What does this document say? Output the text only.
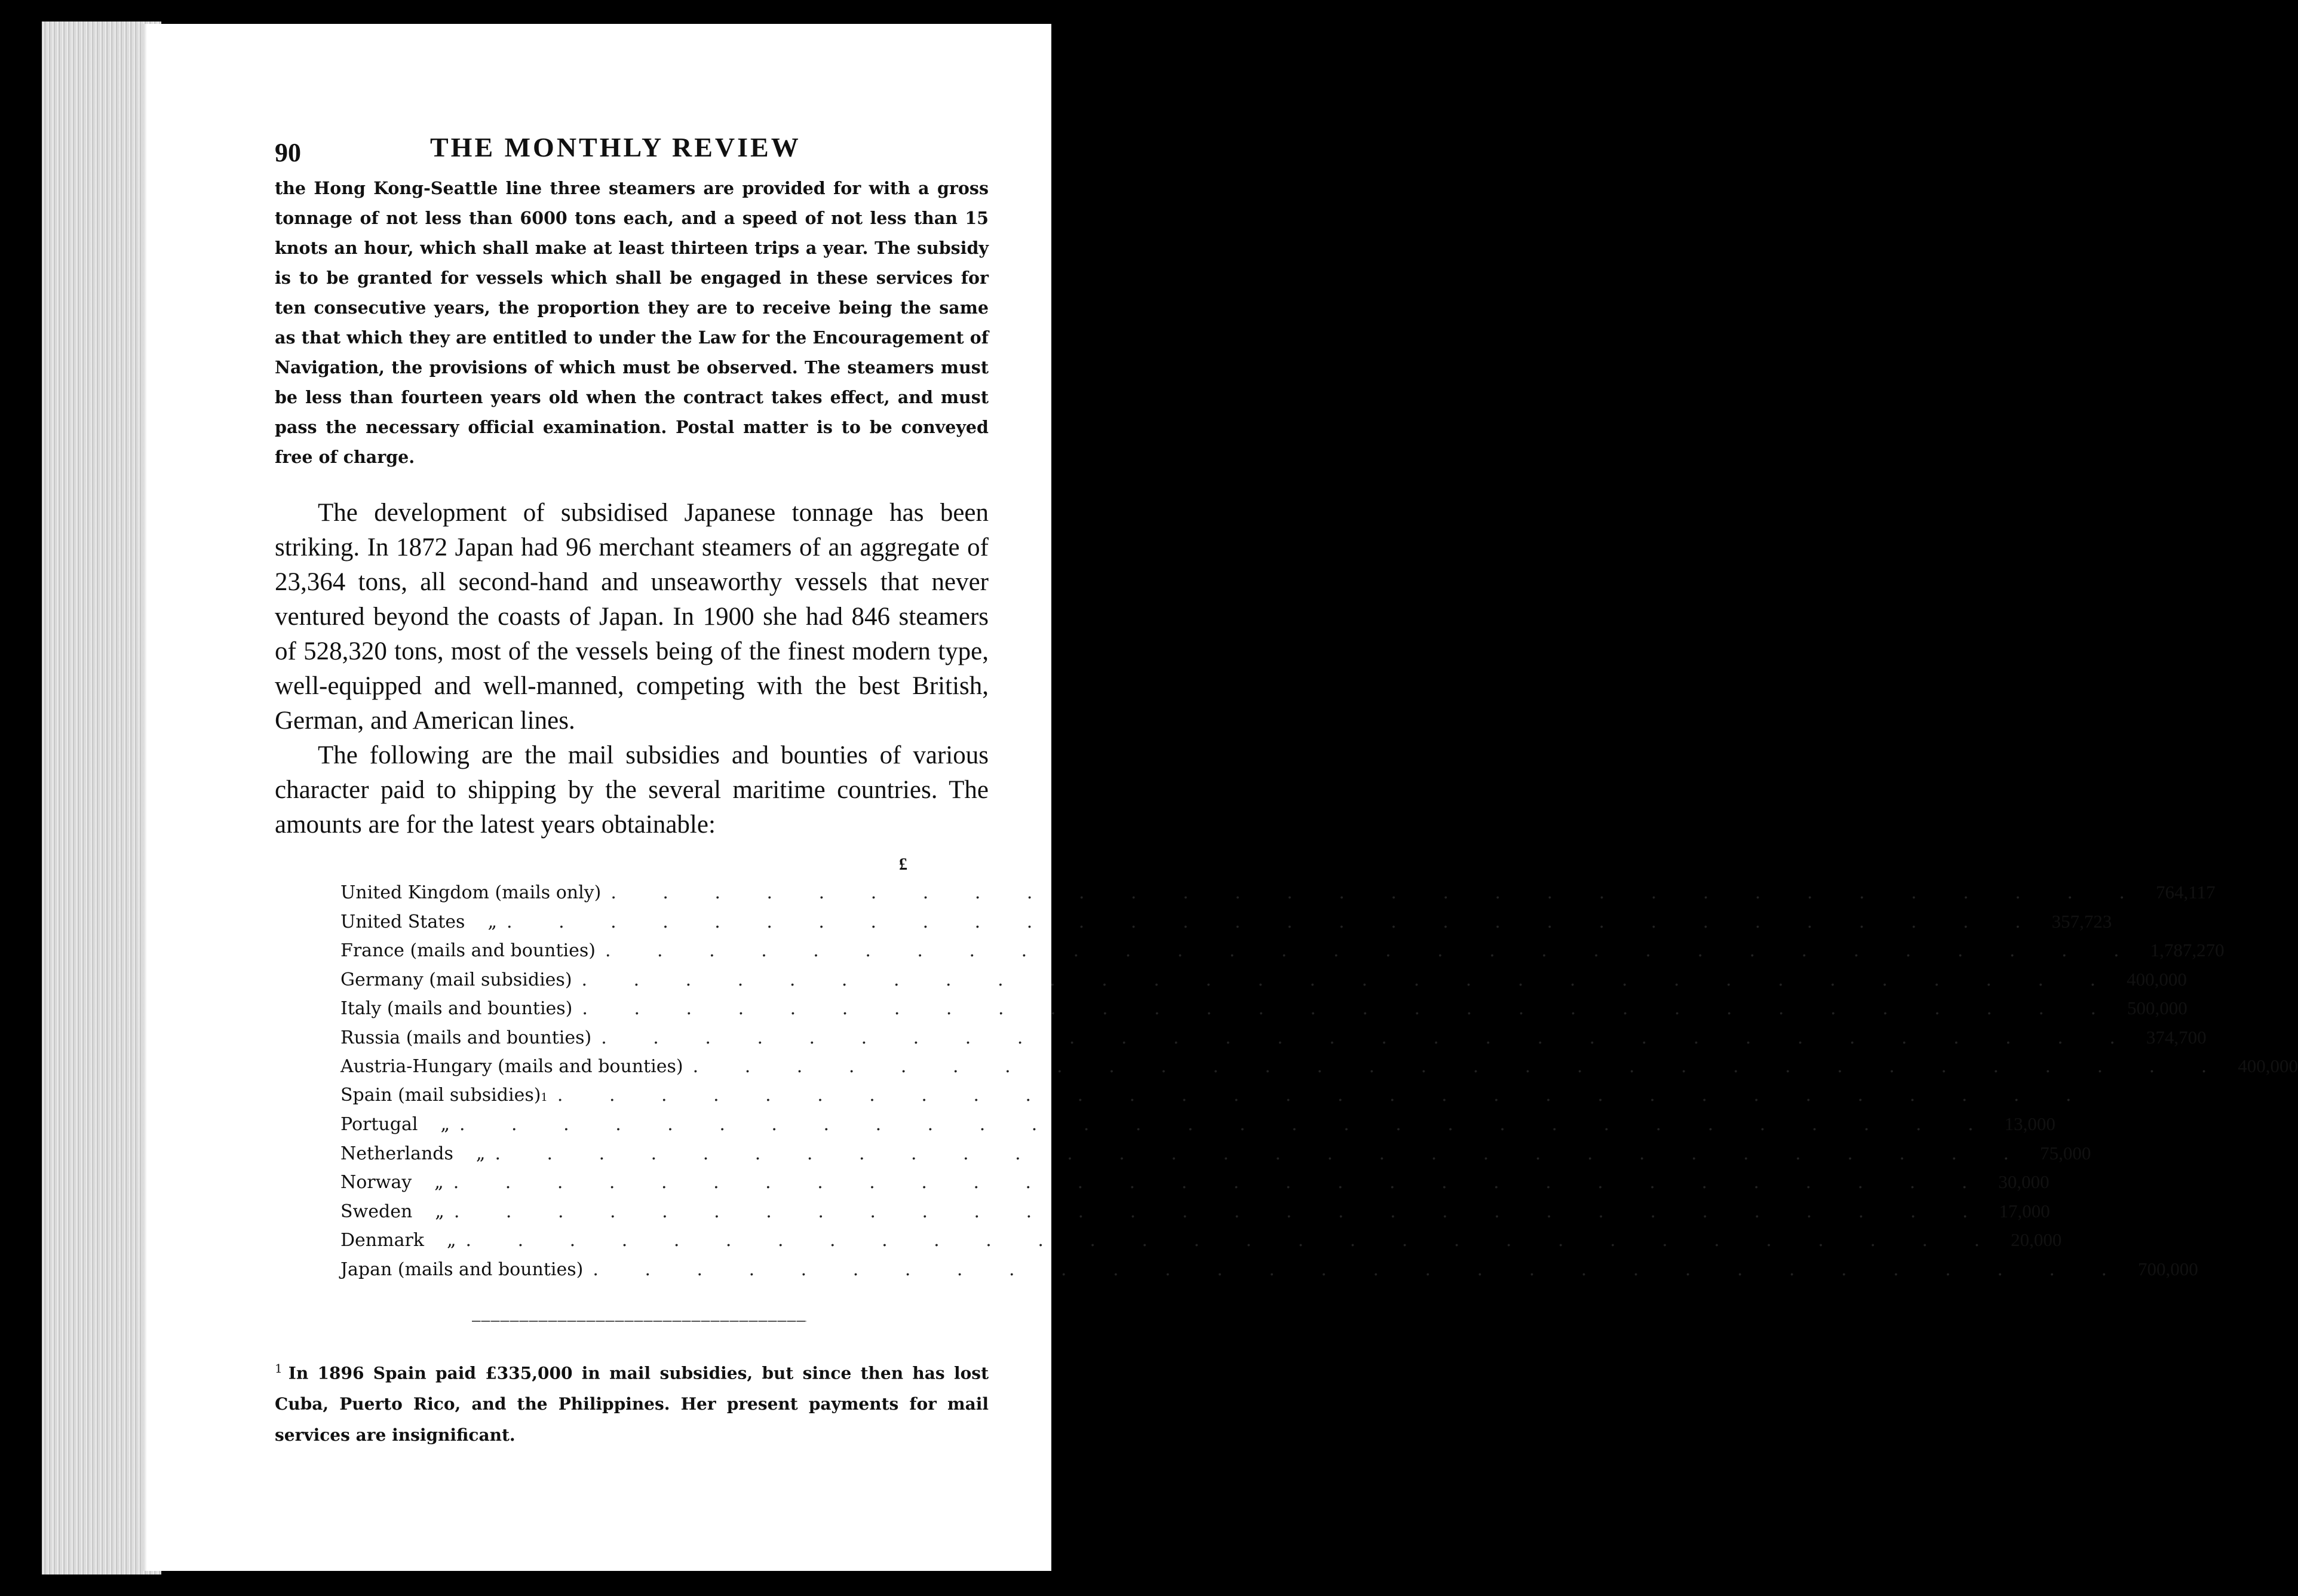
90	THE MONTHLY REVIEW

the Hong Kong-Seattle line three steamers are provided for with a gross tonnage of not less than 6000 tons each, and a speed of not less than 15 knots an hour, which shall make at least thirteen trips a year. The subsidy is to be granted for vessels which shall be engaged in these services for ten consecutive years, the proportion they are to receive being the same as that which they are entitled to under the Law for the Encouragement of Navigation, the provisions of which must be observed. The steamers must be less than fourteen years old when the contract takes effect, and must pass the necessary official examination. Postal matter is to be conveyed free of charge.

The development of subsidised Japanese tonnage has been striking. In 1872 Japan had 96 merchant steamers of an aggregate of 23,364 tons, all second-hand and unseaworthy vessels that never ventured beyond the coasts of Japan. In 1900 she had 846 steamers of 528,320 tons, most of the vessels being of the finest modern type, well-equipped and well-manned, competing with the best British, German, and American lines.

The following are the mail subsidies and bounties of various character paid to shipping by the several maritime countries. The amounts are for the latest years obtainable:

£
United Kingdom (mails only) . . . . . . . . . . . . . . . . . . . . . . . . . . . . . . 764,117
United States „ . . . . . . . . . . . . . . . . . . . . . . . . . . . . . . 357,723
France (mails and bounties) . . . . . . . . . . . . . . . . . . . . . . . . . . . . . . 1,787,270
Germany (mail subsidies) . . . . . . . . . . . . . . . . . . . . . . . . . . . . . . 400,000
Italy (mails and bounties) . . . . . . . . . . . . . . . . . . . . . . . . . . . . . . 500,000
Russia (mails and bounties) . . . . . . . . . . . . . . . . . . . . . . . . . . . . . . 374,700
Austria-Hungary (mails and bounties) . . . . . . . . . . . . . . . . . . . . . . . . . . . . . . 400,000
Spain (mail subsidies) 1 . . . . . . . . . . . . . . . . . . . . . . . . . . . . . .
Portugal „ . . . . . . . . . . . . . . . . . . . . . . . . . . . . . . 13,000
Netherlands „ . . . . . . . . . . . . . . . . . . . . . . . . . . . . . . 75,000
Norway „ . . . . . . . . . . . . . . . . . . . . . . . . . . . . . . 30,000
Sweden „ . . . . . . . . . . . . . . . . . . . . . . . . . . . . . . 17,000
Denmark „ . . . . . . . . . . . . . . . . . . . . . . . . . . . . . . 20,000
Japan (mails and bounties) . . . . . . . . . . . . . . . . . . . . . . . . . . . . . . 700,000
$^1$ In 1896 Spain paid £335,000 in mail subsidies, but since then has lost Cuba, Puerto Rico, and the Philippines. Her present payments for mail services are insignificant.
